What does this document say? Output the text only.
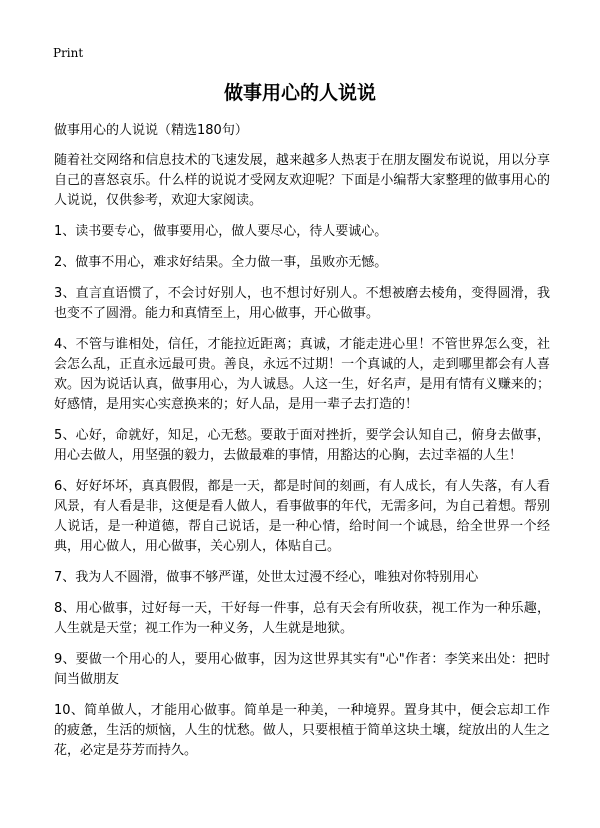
Print
做事用心的人说说

做事用心的人说说（精选180句）

随着社交网络和信息技术的飞速发展，越来越多人热衷于在朋友圈发布说说，用以分享自己的喜怒哀乐。什么样的说说才受网友欢迎呢？下面是小编帮大家整理的做事用心的人说说，仅供参考，欢迎大家阅读。

1、读书要专心，做事要用心，做人要尽心，待人要诚心。

2、做事不用心，难求好结果。全力做一事，虽败亦无憾。

3、直言直语惯了，不会讨好别人，也不想讨好别人。不想被磨去棱角，变得圆滑，我也变不了圆滑。能力和真情至上，用心做事，开心做事。

4、不管与谁相处，信任，才能拉近距离；真诚，才能走进心里！不管世界怎么变，社会怎么乱，正直永远最可贵。善良，永远不过期！一个真诚的人，走到哪里都会有人喜欢。因为说话认真，做事用心，为人诚恳。人这一生，好名声，是用有情有义赚来的；好感情，是用实心实意换来的；好人品，是用一辈子去打造的！

5、心好，命就好，知足，心无愁。要敢于面对挫折，要学会认知自己，俯身去做事，用心去做人，用坚强的毅力，去做最难的事情，用豁达的心胸，去过幸福的人生！

6、好好坏坏，真真假假，都是一天，都是时间的刻画，有人成长，有人失落，有人看风景，有人看是非，这便是看人做人，看事做事的年代，无需多问，为自己着想。帮别人说话，是一种道德，帮自己说话，是一种心情，给时间一个诚恳，给全世界一个经典，用心做人，用心做事，关心别人，体贴自己。

7、我为人不圆滑，做事不够严谨，处世太过漫不经心，唯独对你特别用心

8、用心做事，过好每一天，干好每一件事，总有天会有所收获，视工作为一种乐趣，人生就是天堂；视工作为一种义务，人生就是地狱。

9、要做一个用心的人，要用心做事，因为这世界其实有"心"作者：李笑来出处：把时间当做朋友

10、简单做人，才能用心做事。简单是一种美，一种境界。置身其中，便会忘却工作的疲惫，生活的烦恼，人生的忧愁。做人，只要根植于简单这块土壤，绽放出的人生之花，必定是芬芳而持久。
